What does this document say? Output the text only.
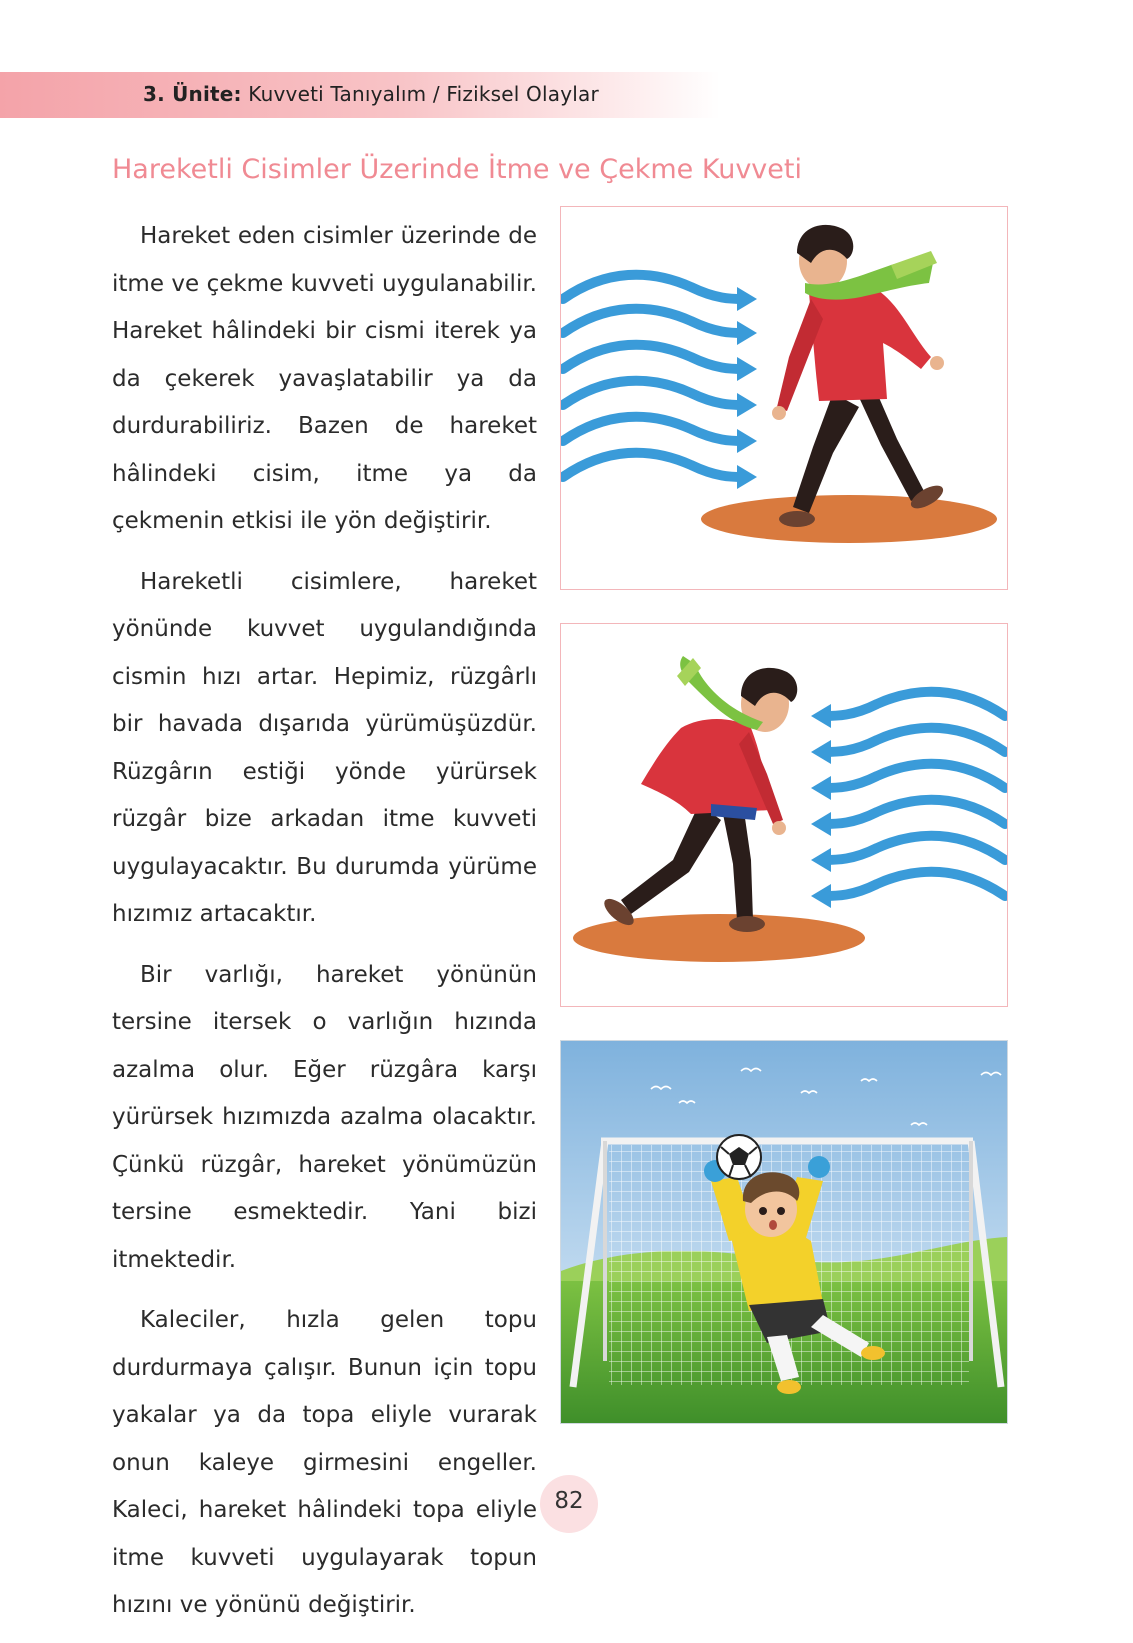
3. Ünite: Kuvveti Tanıyalım / Fiziksel Olaylar
Hareketli Cisimler Üzerinde İtme ve Çekme Kuvveti

Hareket eden cisimler üzerinde de itme ve çekme kuvveti uygulanabilir. Hareket hâlindeki bir cismi iterek ya da çekerek yavaşlatabilir ya da durdurabiliriz. Bazen de hareket hâlindeki cisim, itme ya da çekmenin etkisi ile yön değiştirir.

Hareketli cisimlere, hareket yönünde kuvvet uygulandığında cismin hızı artar. Hepimiz, rüzgârlı bir havada dışarıda yürümüşüzdür. Rüzgârın estiği yönde yürürsek rüzgâr bize arkadan itme kuvveti uygulayacaktır. Bu durumda yürüme hızımız artacaktır.

Bir varlığı, hareket yönünün tersine itersek o varlığın hızında azalma olur. Eğer rüzgâra karşı yürürsek hızımızda azalma olacaktır. Çünkü rüzgâr, hareket yönümüzün tersine esmektedir. Yani bizi itmektedir.

Kaleciler, hızla gelen topu durdurmaya çalışır. Bunun için topu yakalar ya da topa eliyle vurarak onun kaleye girmesini engeller. Kaleci, hareket hâlindeki topa eliyle itme kuvveti uygulayarak topun hızını ve yönünü değiştirir.

82
